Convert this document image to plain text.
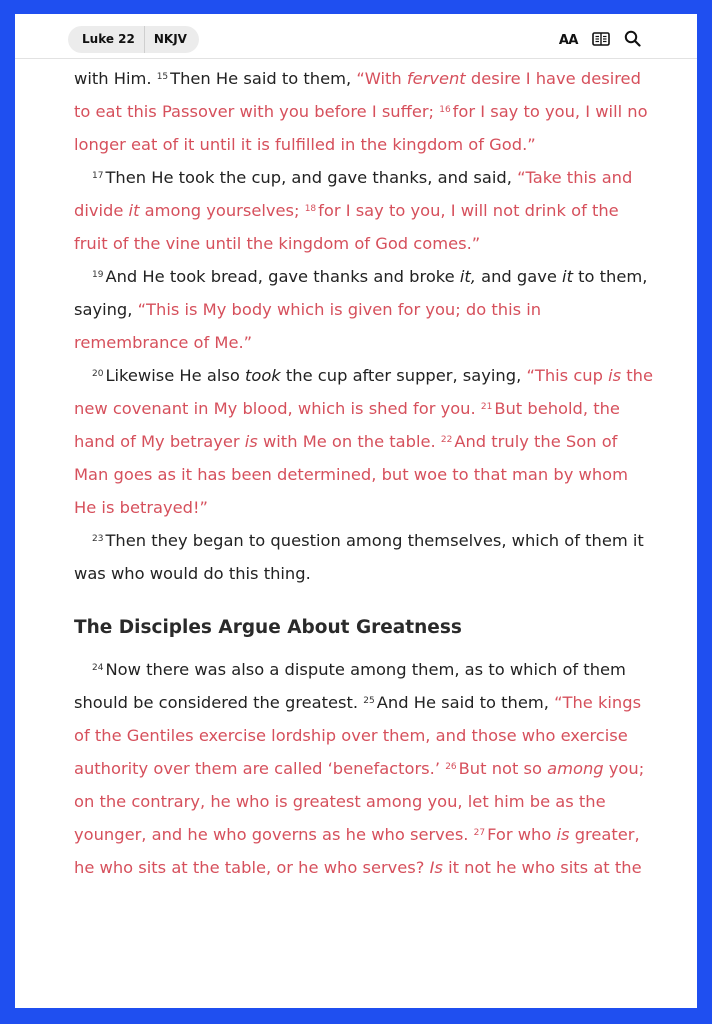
Luke 22	NKJV	AA

with Him. $^{15}$ Then He said to them, “With fervent desire I have desired to eat this Passover with you before I suffer; $^{16}$ for I say to you, I will no longer eat of it until it is fulfilled in the kingdom of God.”

$^{17}$ Then He took the cup, and gave thanks, and said, “Take this and divide it among yourselves; $^{18}$ for I say to you, I will not drink of the fruit of the vine until the kingdom of God comes.”

$^{19}$ And He took bread, gave thanks and broke it, and gave it to them, saying, “This is My body which is given for you; do this in remembrance of Me.”

$^{20}$ Likewise He also took the cup after supper, saying, “This cup is the new covenant in My blood, which is shed for you. $^{21}$ But behold, the hand of My betrayer is with Me on the table. $^{22}$ And truly the Son of Man goes as it has been determined, but woe to that man by whom He is betrayed!”

$^{23}$ Then they began to question among themselves, which of them it was who would do this thing.

The Disciples Argue About Greatness

$^{24}$ Now there was also a dispute among them, as to which of them should be considered the greatest. $^{25}$ And He said to them, “The kings of the Gentiles exercise lordship over them, and those who exercise authority over them are called ‘benefactors.’ $^{26}$ But not so among you; on the contrary, he who is greatest among you, let him be as the younger, and he who governs as he who serves. $^{27}$ For who is greater, he who sits at the table, or he who serves? Is it not he who sits at the
